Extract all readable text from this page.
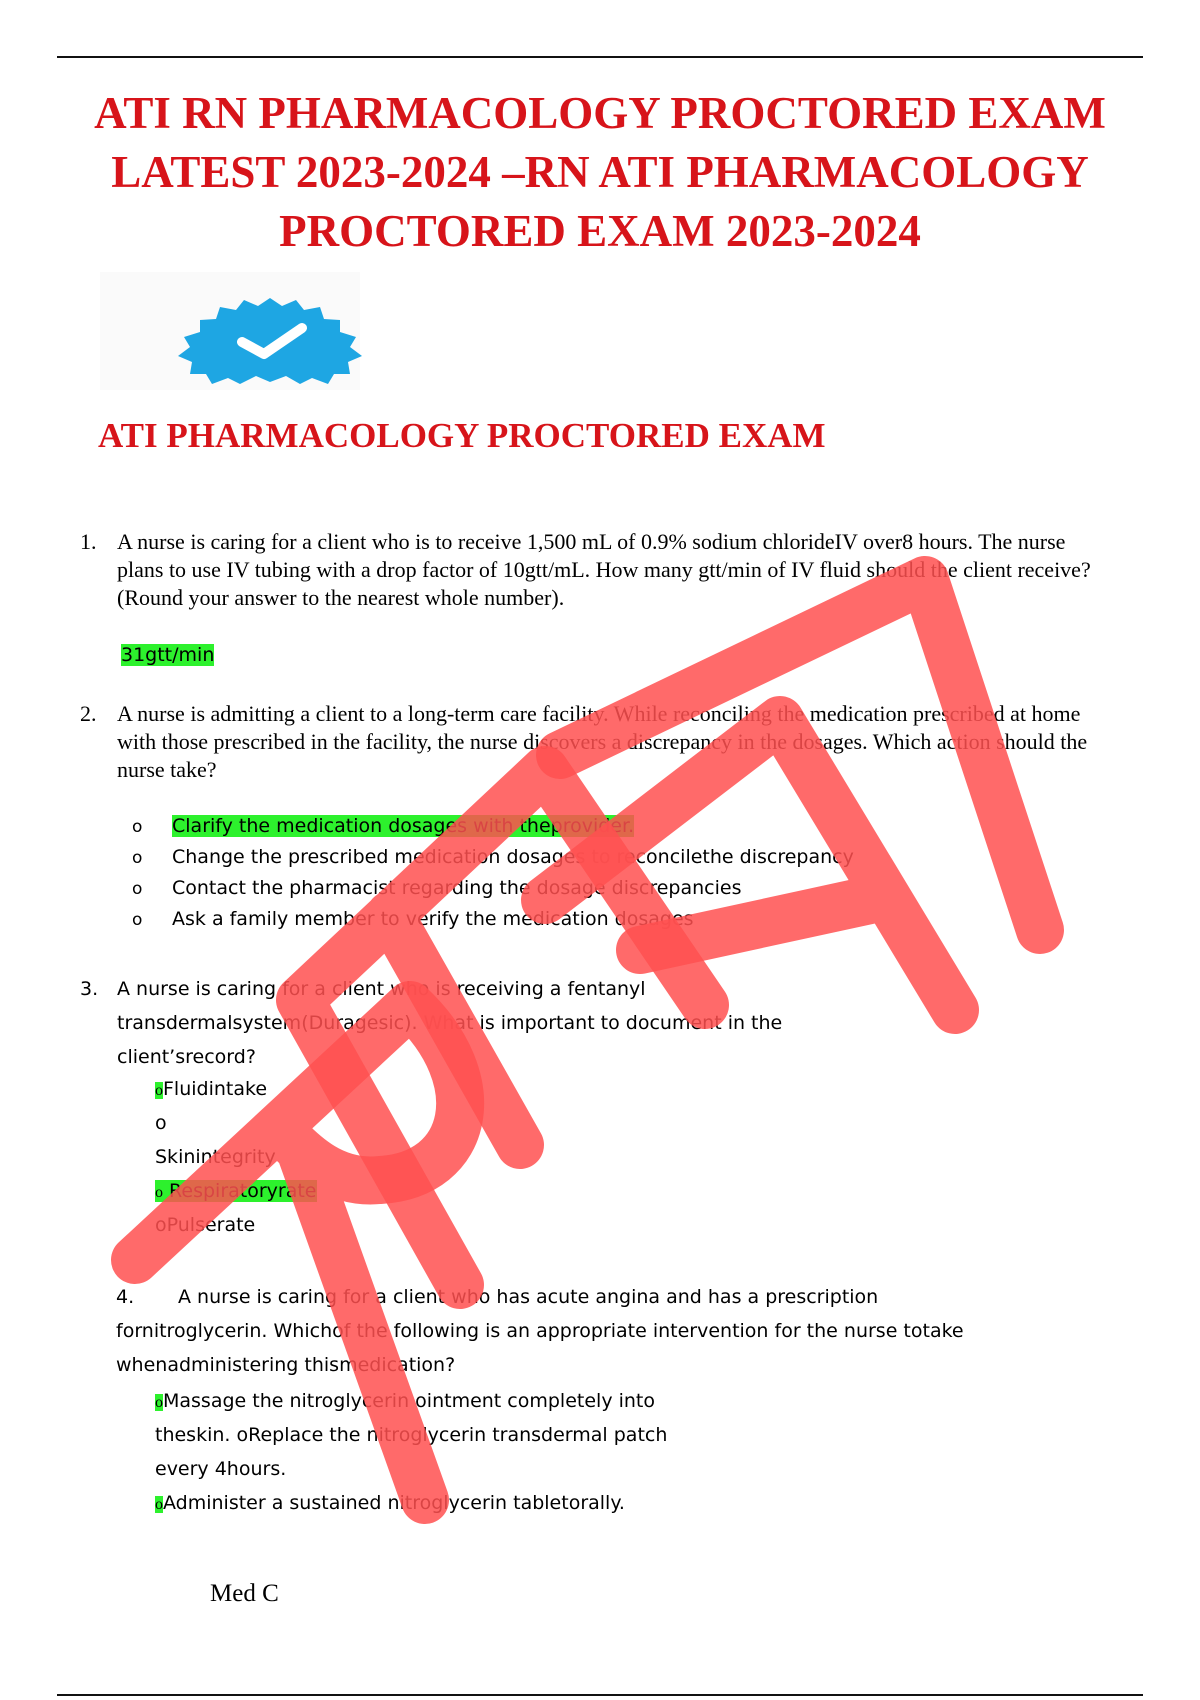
ATI RN PHARMACOLOGY PROCTORED EXAM
LATEST 2023-2024 –RN ATI PHARMACOLOGY
PROCTORED EXAM 2023-2024
ATI PHARMACOLOGY PROCTORED EXAM
1. A nurse is caring for a client who is to receive 1,500 mL of 0.9% sodium chlorideIV over8 hours. The nurse
plans to use IV tubing with a drop factor of 10gtt/mL. How many gtt/min of IV fluid should the client receive?
(Round your answer to the nearest whole number).
31gtt/min
2. A nurse is admitting a client to a long-term care facility. While reconciling the medication prescribed at home
with those prescribed in the facility, the nurse discovers a discrepancy in the dosages. Which action should the
nurse take?
o Clarify the medication dosages with theprovider.
o Change the prescribed medication dosages to reconcilethe discrepancy
o Contact the pharmacist regarding the dosage discrepancies
o Ask a family member to verify the medication dosages
3. A nurse is caring for a client who is receiving a fentanyl
transdermalsystem(Duragesic). What is important to document in the
client’srecord?
oFluidintake
o
Skinintegrity
o Respiratoryrate
oPulserate
4. A nurse is caring for a client who has acute angina and has a prescription
fornitroglycerin. Whichof the following is an appropriate intervention for the nurse totake
whenadministering thismedication?
oMassage the nitroglycerin ointment completely into
theskin. oReplace the nitroglycerin transdermal patch
every 4hours.
oAdminister a sustained nitroglycerin tabletorally.
Med C
